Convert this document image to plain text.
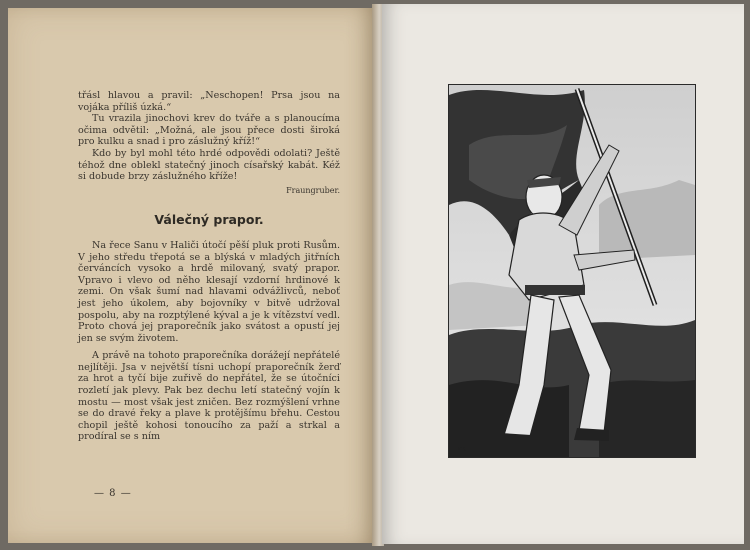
třásl hlavou a pravil: „Neschopen! Prsa jsou na vojáka příliš úzká.“

Tu vrazila jinochovi krev do tváře a s planoucíma očima odvětil: „Možná, ale jsou přece dosti široká pro kulku a snad i pro záslužný kříž!“

Kdo by byl mohl této hrdé odpovědi odolati? Ještě téhož dne oblekl statečný jinoch císařský kabát. Kéž si dobude brzy záslužného kříže!

Fraungruber.
Válečný prapor.

Na řece Sanu v Haliči útočí pěší pluk proti Rusům. V jeho středu třepotá se a blýská v mladých jitřních červáncích vysoko a hrdě milovaný, svatý prapor. Vpravo i vlevo od něho klesají vzdorní hrdinové k zemi. On však šumí nad hlavami odvážlivců, neboť jest jeho úkolem, aby bojovníky v bitvě udržoval pospolu, aby na rozptýlené kýval a je k vítězství vedl. Proto chová jej praporečník jako svátost a opustí jej jen se svým životem.

A právě na tohoto praporečníka dorážejí nepřátelé nejlítěji. Jsa v největší tísni uchopí praporečník žerď za hrot a tyčí bije zuřivě do nepřátel, že se útočníci rozletí jak plevy. Pak bez dechu letí statečný vojín k mostu — most však jest zničen. Bez rozmýšlení vrhne se do dravé řeky a plave k protějšímu břehu. Cestou chopil ještě kohosi tonoucího za paží a strkal a prodíral se s ním

— 8 —
MK
